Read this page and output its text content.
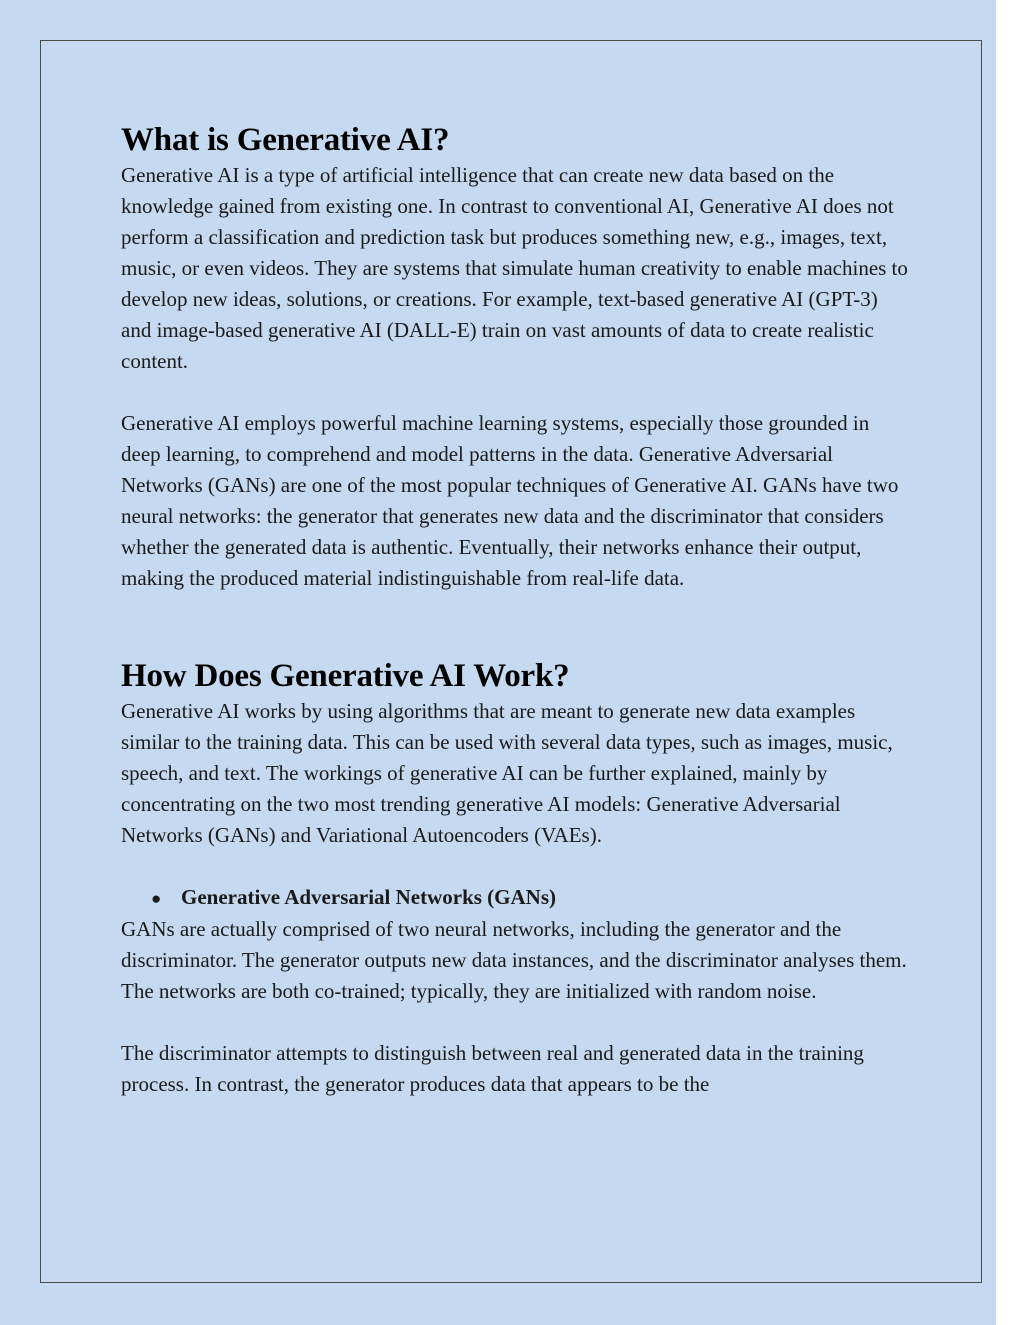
What is Generative AI?

Generative AI is a type of artificial intelligence that can create new data based on the knowledge gained from existing one. In contrast to conventional AI, Generative AI does not perform a classification and prediction task but produces something new, e.g., images, text, music, or even videos. They are systems that simulate human creativity to enable machines to develop new ideas, solutions, or creations. For example, text-based generative AI (GPT-3) and image-based generative AI (DALL-E) train on vast amounts of data to create realistic content.

Generative AI employs powerful machine learning systems, especially those grounded in deep learning, to comprehend and model patterns in the data. Generative Adversarial Networks (GANs) are one of the most popular techniques of Generative AI. GANs have two neural networks: the generator that generates new data and the discriminator that considers whether the generated data is authentic. Eventually, their networks enhance their output, making the produced material indistinguishable from real-life data.

How Does Generative AI Work?

Generative AI works by using algorithms that are meant to generate new data examples similar to the training data. This can be used with several data types, such as images, music, speech, and text. The workings of generative AI can be further explained, mainly by concentrating on the two most trending generative AI models: Generative Adversarial Networks (GANs) and Variational Autoencoders (VAEs).

● Generative Adversarial Networks (GANs)

GANs are actually comprised of two neural networks, including the generator and the discriminator. The generator outputs new data instances, and the discriminator analyses them. The networks are both co-trained; typically, they are initialized with random noise.

The discriminator attempts to distinguish between real and generated data in the training process. In contrast, the generator produces data that appears to be the
